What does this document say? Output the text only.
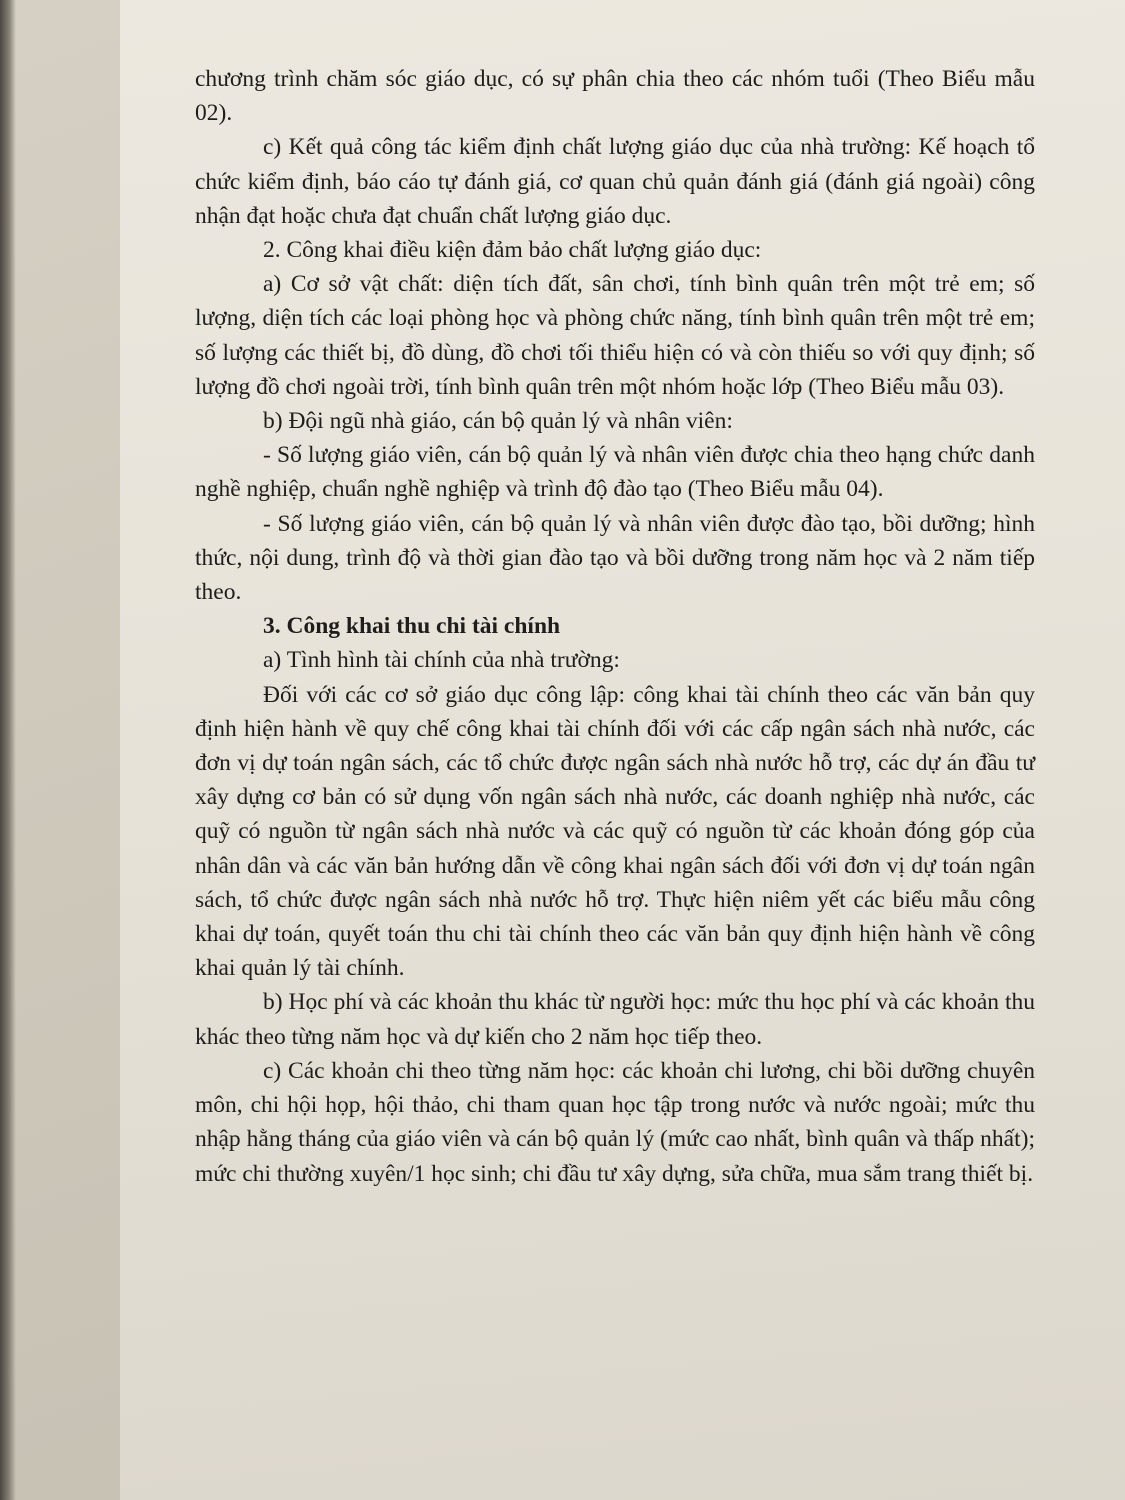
chương trình chăm sóc giáo dục, có sự phân chia theo các nhóm tuổi (Theo Biểu mẫu 02).

c) Kết quả công tác kiểm định chất lượng giáo dục của nhà trường: Kế hoạch tổ chức kiểm định, báo cáo tự đánh giá, cơ quan chủ quản đánh giá (đánh giá ngoài) công nhận đạt hoặc chưa đạt chuẩn chất lượng giáo dục.

2. Công khai điều kiện đảm bảo chất lượng giáo dục:

a) Cơ sở vật chất: diện tích đất, sân chơi, tính bình quân trên một trẻ em; số lượng, diện tích các loại phòng học và phòng chức năng, tính bình quân trên một trẻ em; số lượng các thiết bị, đồ dùng, đồ chơi tối thiểu hiện có và còn thiếu so với quy định; số lượng đồ chơi ngoài trời, tính bình quân trên một nhóm hoặc lớp (Theo Biểu mẫu 03).

b) Đội ngũ nhà giáo, cán bộ quản lý và nhân viên:

- Số lượng giáo viên, cán bộ quản lý và nhân viên được chia theo hạng chức danh nghề nghiệp, chuẩn nghề nghiệp và trình độ đào tạo (Theo Biểu mẫu 04).

- Số lượng giáo viên, cán bộ quản lý và nhân viên được đào tạo, bồi dưỡng; hình thức, nội dung, trình độ và thời gian đào tạo và bồi dưỡng trong năm học và 2 năm tiếp theo.

3. Công khai thu chi tài chính

a) Tình hình tài chính của nhà trường:

Đối với các cơ sở giáo dục công lập: công khai tài chính theo các văn bản quy định hiện hành về quy chế công khai tài chính đối với các cấp ngân sách nhà nước, các đơn vị dự toán ngân sách, các tổ chức được ngân sách nhà nước hỗ trợ, các dự án đầu tư xây dựng cơ bản có sử dụng vốn ngân sách nhà nước, các doanh nghiệp nhà nước, các quỹ có nguồn từ ngân sách nhà nước và các quỹ có nguồn từ các khoản đóng góp của nhân dân và các văn bản hướng dẫn về công khai ngân sách đối với đơn vị dự toán ngân sách, tổ chức được ngân sách nhà nước hỗ trợ. Thực hiện niêm yết các biểu mẫu công khai dự toán, quyết toán thu chi tài chính theo các văn bản quy định hiện hành về công khai quản lý tài chính.

b) Học phí và các khoản thu khác từ người học: mức thu học phí và các khoản thu khác theo từng năm học và dự kiến cho 2 năm học tiếp theo.

c) Các khoản chi theo từng năm học: các khoản chi lương, chi bồi dưỡng chuyên môn, chi hội họp, hội thảo, chi tham quan học tập trong nước và nước ngoài; mức thu nhập hằng tháng của giáo viên và cán bộ quản lý (mức cao nhất, bình quân và thấp nhất); mức chi thường xuyên/1 học sinh; chi đầu tư xây dựng, sửa chữa, mua sắm trang thiết bị.
